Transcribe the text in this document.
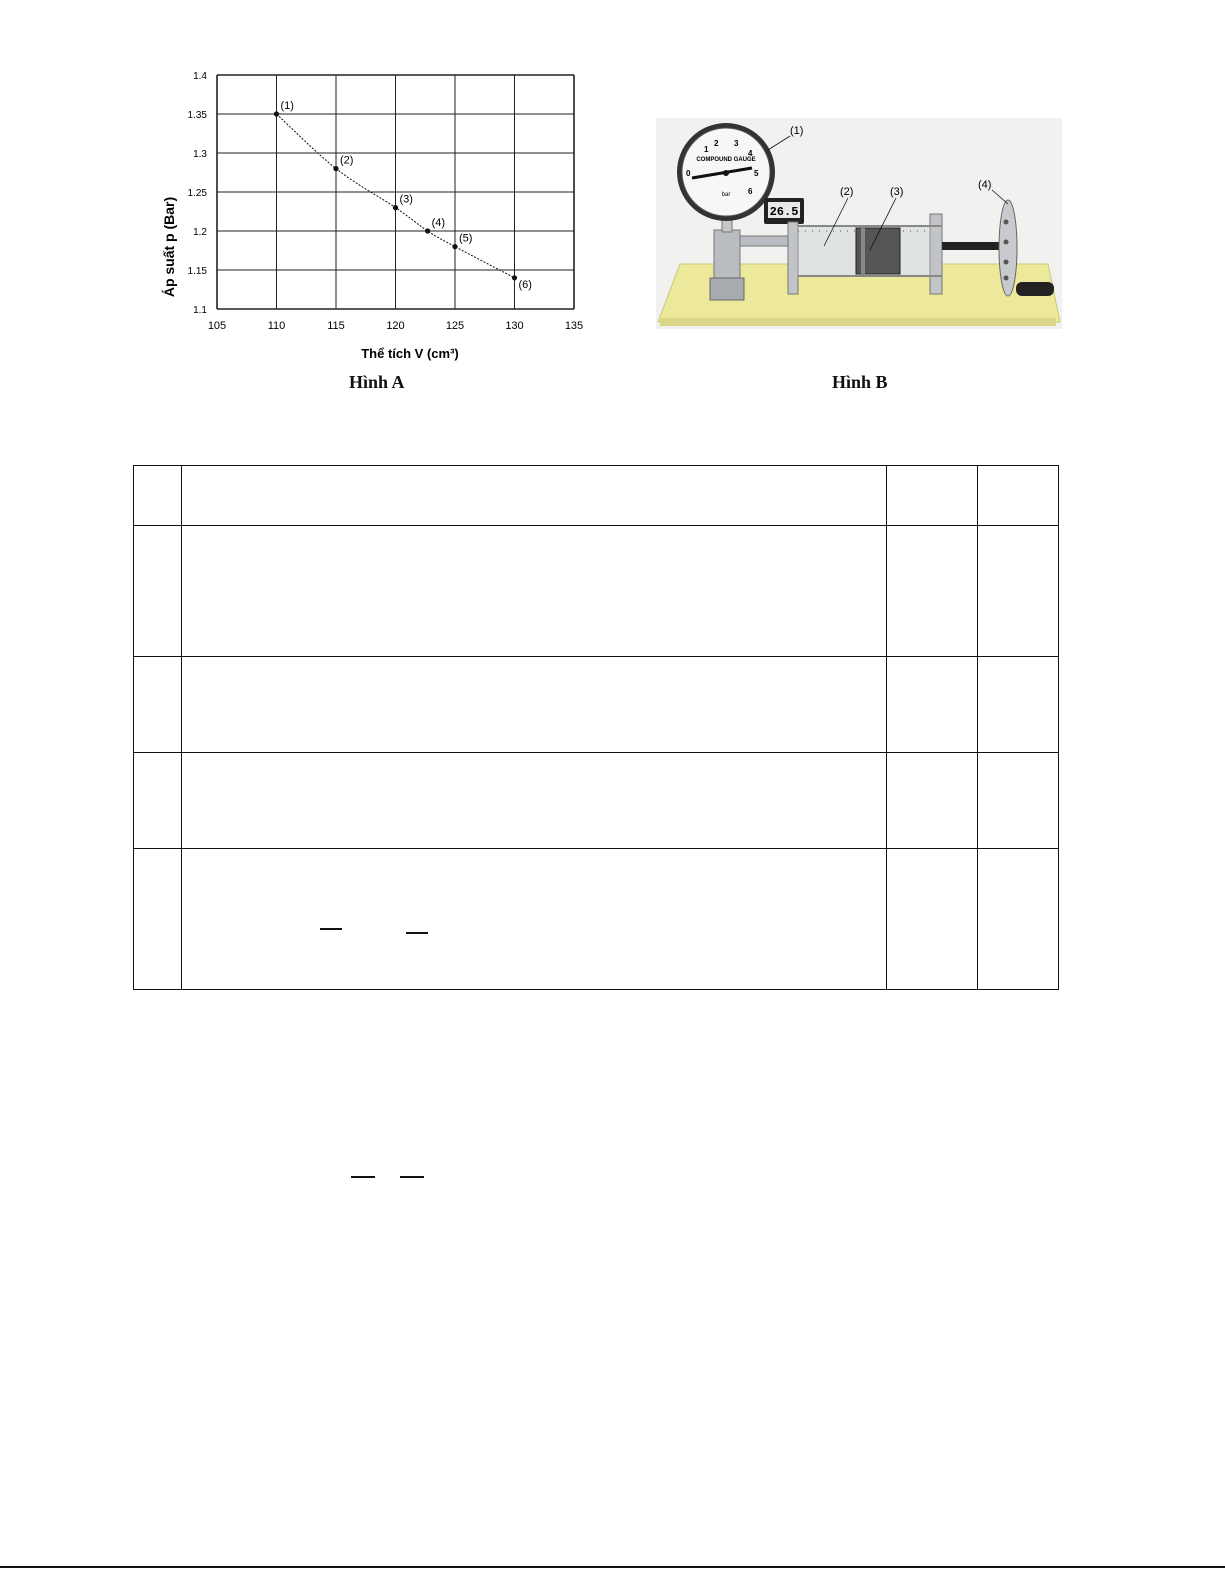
105	110	115	120	125	130	135
1.1
1.15
1.2
1.25
1.3
1.35
1.4
(1)
(2)
(3)
(4)
(5)
(6)
Thể tích V (cm³)
Áp suất p (Bar)
Hình A
COMPOUND GAUGE
bar
1
2 3
4
5
6
0
26.5
(1)
(2)	(3)
(4)
Hình B
